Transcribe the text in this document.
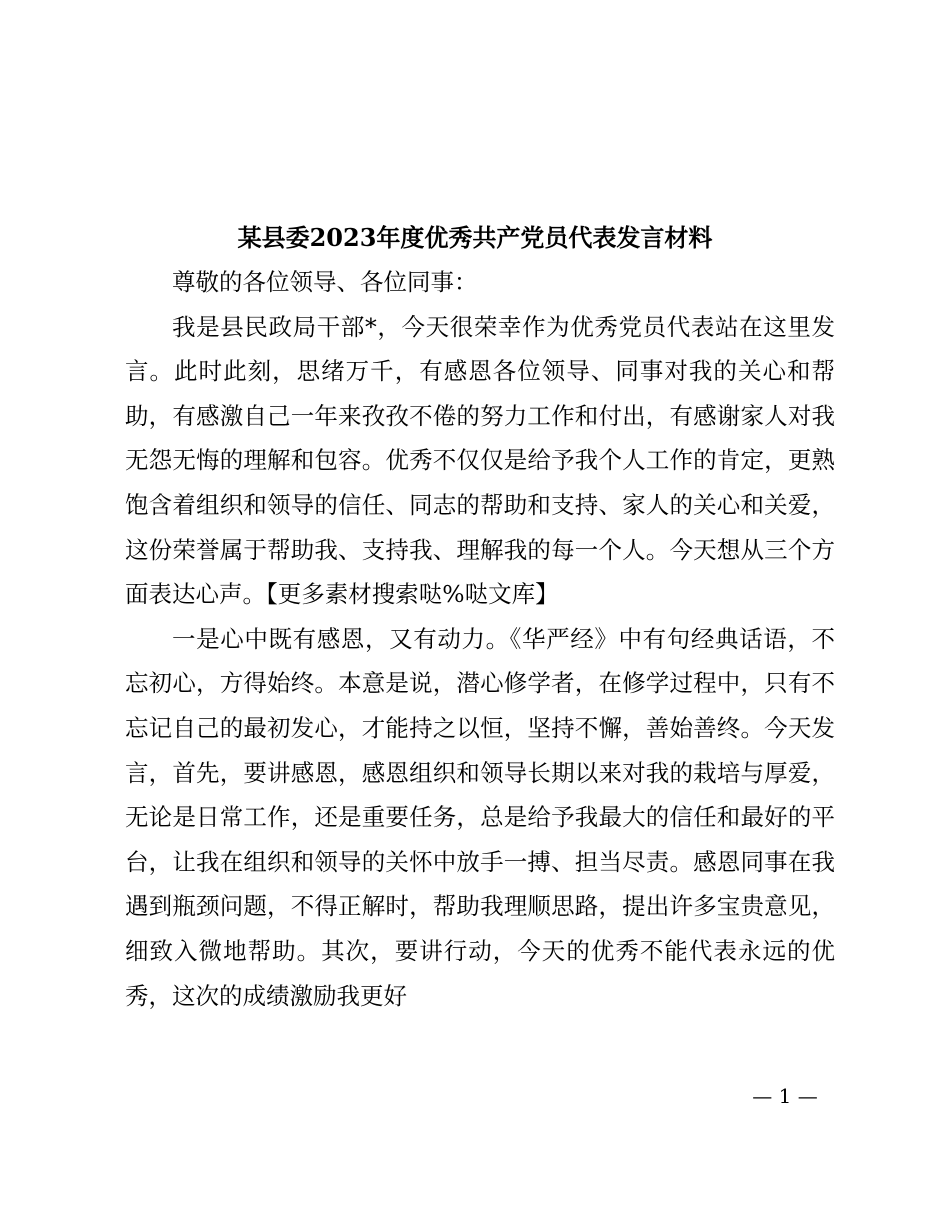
某县委2023年度优秀共产党员代表发言材料

尊敬的各位领导、各位同事：

我是县民政局干部*，今天很荣幸作为优秀党员代表站在这里发言。此时此刻，思绪万千，有感恩各位领导、同事对我的关心和帮助，有感激自己一年来孜孜不倦的努力工作和付出，有感谢家人对我无怨无悔的理解和包容。优秀不仅仅是给予我个人工作的肯定，更熟饱含着组织和领导的信任、同志的帮助和支持、家人的关心和关爱，这份荣誉属于帮助我、支持我、理解我的每一个人。今天想从三个方面表达心声。【更多素材搜索哒%哒文库】

一是心中既有感恩，又有动力。《华严经》中有句经典话语，不忘初心，方得始终。本意是说，潜心修学者，在修学过程中，只有不忘记自己的最初发心，才能持之以恒，坚持不懈，善始善终。今天发言，首先，要讲感恩，感恩组织和领导长期以来对我的栽培与厚爱，无论是日常工作，还是重要任务，总是给予我最大的信任和最好的平台，让我在组织和领导的关怀中放手一搏、担当尽责。感恩同事在我遇到瓶颈问题，不得正解时，帮助我理顺思路，提出许多宝贵意见，细致入微地帮助。其次，要讲行动，今天的优秀不能代表永远的优秀，这次的成绩激励我更好

— 1 —
